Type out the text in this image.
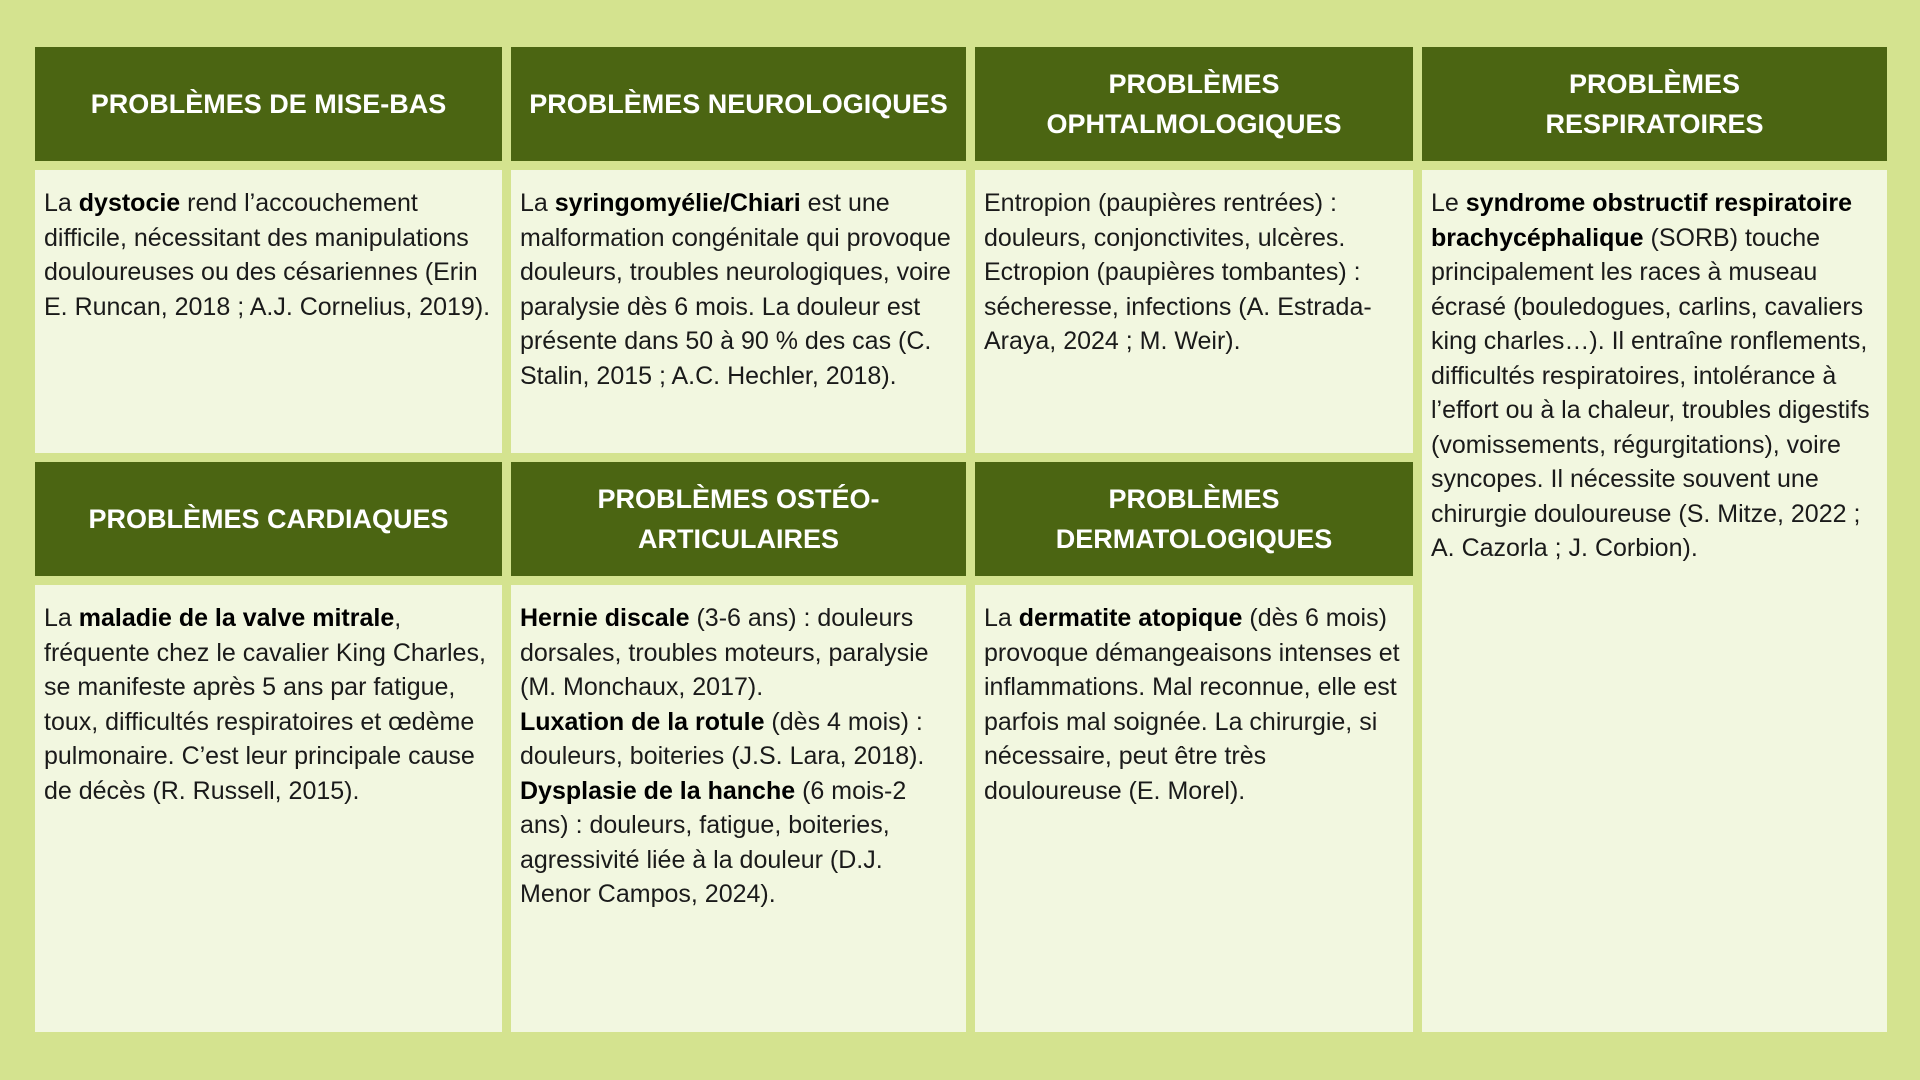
PROBLÈMES DE MISE-BAS	PROBLÈMES NEUROLOGIQUES
PROBLÈMES OPHTALMOLOGIQUES
PROBLÈMES RESPIRATOIRES
La dystocie rend l’accouchement difficile, nécessitant des manipulations douloureuses ou des césariennes (Erin E. Runcan, 2018 ; A.J. Cornelius, 2019).
La syringomyélie/Chiari est une malformation congénitale qui provoque douleurs, troubles neurologiques, voire paralysie dès 6 mois. La douleur est présente dans 50 à 90 % des cas (C. Stalin, 2015 ; A.C. Hechler, 2018).
Entropion (paupières rentrées) : douleurs, conjonctivites, ulcères. Ectropion (paupières tombantes) : sécheresse, infections (A. Estrada-Araya, 2024 ; M. Weir).
Le syndrome obstructif respiratoire brachycéphalique (SORB) touche principalement les races à museau écrasé (bouledogues, carlins, cavaliers king charles…). Il entraîne ronflements, difficultés respiratoires, intolérance à l’effort ou à la chaleur, troubles digestifs (vomissements, régurgitations), voire syncopes. Il nécessite souvent une chirurgie douloureuse (S. Mitze, 2022 ; A. Cazorla ; J. Corbion).
PROBLÈMES CARDIAQUES
PROBLÈMES OSTÉO-ARTICULAIRES
PROBLÈMES DERMATOLOGIQUES
La maladie de la valve mitrale, fréquente chez le cavalier King Charles, se manifeste après 5 ans par fatigue, toux, difficultés respiratoires et œdème pulmonaire. C’est leur principale cause de décès (R. Russell, 2015).
Hernie discale (3-6 ans) : douleurs dorsales, troubles moteurs, paralysie (M. Monchaux, 2017).
Luxation de la rotule (dès 4 mois) : douleurs, boiteries (J.S. Lara, 2018).
Dysplasie de la hanche (6 mois-2 ans) : douleurs, fatigue, boiteries, agressivité liée à la douleur (D.J. Menor Campos, 2024).
La dermatite atopique (dès 6 mois) provoque démangeaisons intenses et inflammations. Mal reconnue, elle est parfois mal soignée. La chirurgie, si nécessaire, peut être très douloureuse (E. Morel).
